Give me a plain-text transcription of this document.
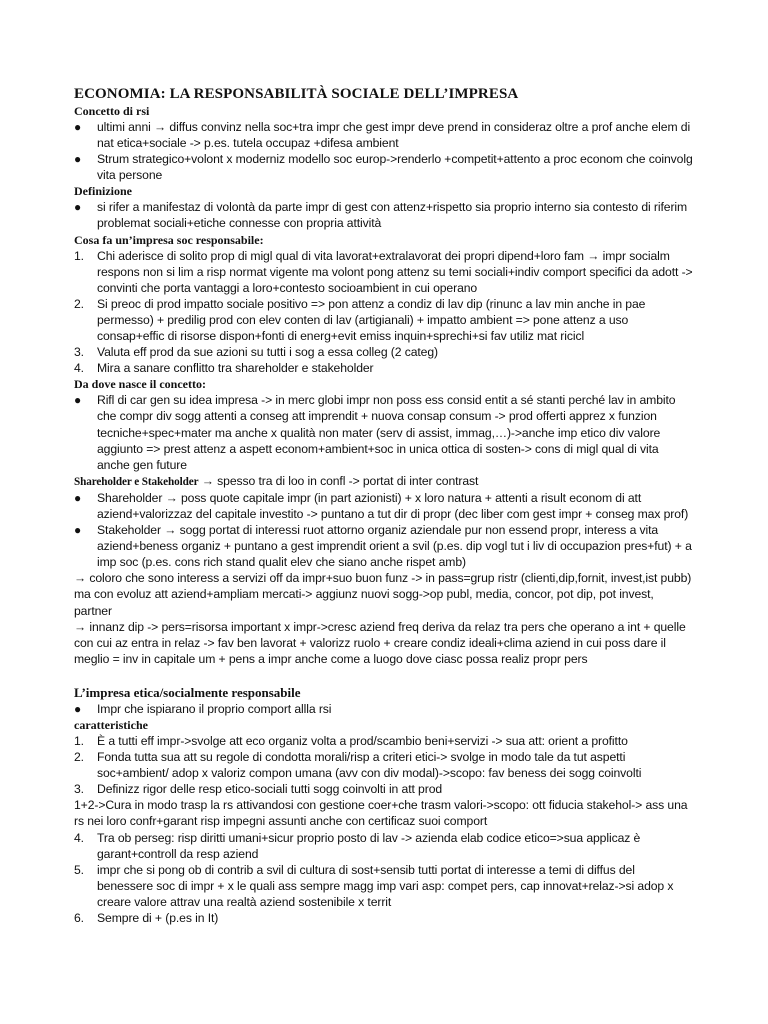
ECONOMIA: LA RESPONSABILITÀ SOCIALE DELL’IMPRESA
Concetto di rsi
● ultimi anni → diffus convinz nella soc+tra impr che gest impr deve prend in consideraz oltre a prof anche elem di nat etica+sociale -> p.es. tutela occupaz +difesa ambient
● Strum strategico+volont x moderniz modello soc europ->renderlo +competit+attento a proc econom che coinvolg vita persone
Definizione
● si rifer a manifestaz di volontà da parte impr di gest con attenz+rispetto sia proprio interno sia contesto di riferim problemat sociali+etiche connesse con propria attività
Cosa fa un’impresa soc responsabile:
1. Chi aderisce di solito prop di migl qual di vita lavorat+extralavorat dei propri dipend+loro fam → impr socialm respons non si lim a risp normat vigente ma volont pong attenz su temi sociali+indiv comport specifici da adott -> convinti che porta vantaggi a loro+contesto socioambient in cui operano
2. Si preoc di prod impatto sociale positivo => pon attenz a condiz di lav dip (rinunc a lav min anche in pae permesso) + predilig prod con elev conten di lav (artigianali) + impatto ambient => pone attenz a uso consap+effic di risorse dispon+fonti di energ+evit emiss inquin+sprechi+si fav utiliz mat ricicl
3. Valuta eff prod da sue azioni su tutti i sog a essa colleg (2 categ)
4. Mira a sanare conflitto tra shareholder e stakeholder
Da dove nasce il concetto:
● Rifl di car gen su idea impresa -> in merc globi impr non poss ess consid entit a sé stanti perché lav in ambito che compr div sogg attenti a conseg att imprendit + nuova consap consum -> prod offerti apprez x funzion tecniche+spec+mater ma anche x qualità non mater (serv di assist, immag,…)->anche imp etico div valore aggiunto => prest attenz a aspett econom+ambient+soc in unica ottica di sosten-> cons di migl qual di vita anche gen future
Shareholder e Stakeholder → spesso tra di loo in confl -> portat di inter contrast
● Shareholder → poss quote capitale impr (in part azionisti) + x loro natura + attenti a risult econom di att aziend+valorizzaz del capitale investito -> puntano a tut dir di propr (dec liber com gest impr + conseg max prof)
● Stakeholder → sogg portat di interessi ruot attorno organiz aziendale pur non essend propr, interess a vita aziend+beness organiz + puntano a gest imprendit orient a svil (p.es. dip vogl tut i liv di occupazion pres+fut) + a imp soc (p.es. cons rich stand qualit elev che siano anche rispet amb)

→ coloro che sono interess a servizi off da impr+suo buon funz -> in pass=grup ristr (clienti,dip,fornit, invest,ist pubb) ma con evoluz att aziend+ampliam mercati-> aggiunz nuovi sogg->op publ, media, concor, pot dip, pot invest, partner

→ innanz dip -> pers=risorsa important x impr->cresc aziend freq deriva da relaz tra pers che operano a int + quelle con cui az entra in relaz -> fav ben lavorat + valorizz ruolo + creare condiz ideali+clima aziend in cui poss dare il meglio = inv in capitale um + pens a impr anche come a luogo dove ciasc possa realiz propr pers

L’impresa etica/socialmente responsabile
● Impr che ispiarano il proprio comport allla rsi
caratteristiche
1. È a tutti eff impr->svolge att eco organiz volta a prod/scambio beni+servizi -> sua att: orient a profitto
2. Fonda tutta sua att su regole di condotta morali/risp a criteri etici-> svolge in modo tale da tut aspetti soc+ambient/ adop x valoriz compon umana (avv con div modal)->scopo: fav beness dei sogg coinvolti
3. Definizz rigor delle resp etico-sociali tutti sogg coinvolti in att prod

1+2->Cura in modo trasp la rs attivandosi con gestione coer+che trasm valori->scopo: ott fiducia stakehol-> ass una rs nei loro confr+garant risp impegni assunti anche con certificaz suoi comport

4. Tra ob perseg: risp diritti umani+sicur proprio posto di lav -> azienda elab codice etico=>sua applicaz è garant+controll da resp aziend
5. impr che si pong ob di contrib a svil di cultura di sost+sensib tutti portat di interesse a temi di diffus del benessere soc di impr + x le quali ass sempre magg imp vari asp: compet pers, cap innovat+relaz->si adop x creare valore attrav una realtà aziend sostenibile x territ
6. Sempre di + (p.es in It)
